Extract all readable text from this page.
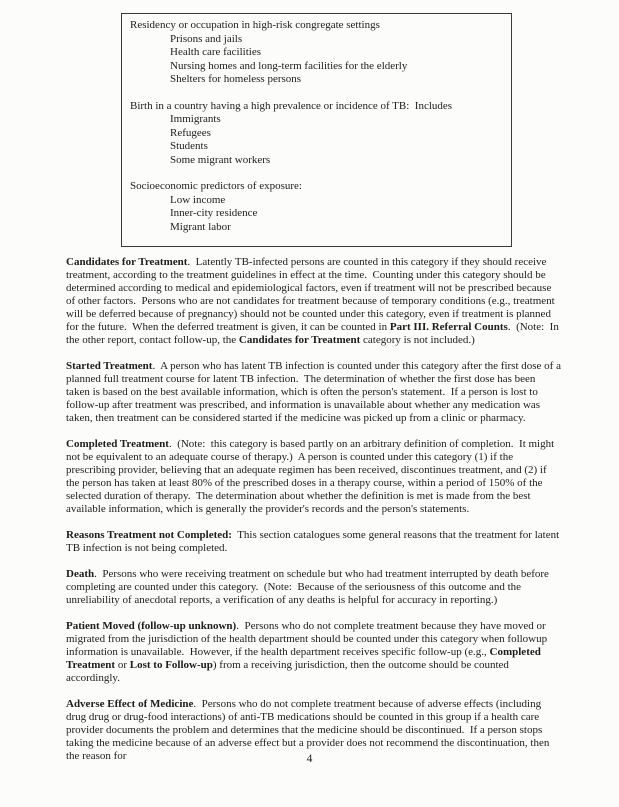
Residency or occupation in high-risk congregate settings
Prisons and jails
Health care facilities
Nursing homes and long-term facilities for the elderly
Shelters for homeless persons
Birth in a country having a high prevalence or incidence of TB:  Includes
Immigrants
Refugees
Students
Some migrant workers
Socioeconomic predictors of exposure:
Low income
Inner-city residence
Migrant labor

Candidates for Treatment.  Latently TB-infected persons are counted in this category if they should receive treatment, according to the treatment guidelines in effect at the time.  Counting under this category should be determined according to medical and epidemiological factors, even if treatment will not be prescribed because of other factors.  Persons who are not candidates for treatment because of temporary conditions (e.g., treatment will be deferred because of pregnancy) should not be counted under this category, even if treatment is planned for the future.  When the deferred treatment is given, it can be counted in Part III. Referral Counts.  (Note:  In the other report, contact follow-up, the Candidates for Treatment category is not included.)

Started Treatment.  A person who has latent TB infection is counted under this category after the first dose of a planned full treatment course for latent TB infection.  The determination of whether the first dose has been taken is based on the best available information, which is often the person's statement.  If a person is lost to follow-up after treatment was prescribed, and information is unavailable about whether any medication was taken, then treatment can be considered started if the medicine was picked up from a clinic or pharmacy.

Completed Treatment.  (Note:  this category is based partly on an arbitrary definition of completion.  It might not be equivalent to an adequate course of therapy.)  A person is counted under this category (1) if the prescribing provider, believing that an adequate regimen has been received, discontinues treatment, and (2) if the person has taken at least 80% of the prescribed doses in a therapy course, within a period of 150% of the selected duration of therapy.  The determination about whether the definition is met is made from the best available information, which is generally the provider's records and the person's statements.

Reasons Treatment not Completed:  This section catalogues some general reasons that the treatment for latent TB infection is not being completed.

Death.  Persons who were receiving treatment on schedule but who had treatment interrupted by death before completing are counted under this category.  (Note:  Because of the seriousness of this outcome and the unreliability of anecdotal reports, a verification of any deaths is helpful for accuracy in reporting.)

Patient Moved (follow-up unknown).  Persons who do not complete treatment because they have moved or migrated from the jurisdiction of the health department should be counted under this category when followup information is unavailable.  However, if the health department receives specific follow-up (e.g., Completed Treatment or Lost to Follow-up) from a receiving jurisdiction, then the outcome should be counted accordingly.

Adverse Effect of Medicine.  Persons who do not complete treatment because of adverse effects (including drug drug or drug-food interactions) of anti-TB medications should be counted in this group if a health care provider documents the problem and determines that the medicine should be discontinued.  If a person stops taking the medicine because of an adverse effect but a provider does not recommend the discontinuation, then the reason for	4
